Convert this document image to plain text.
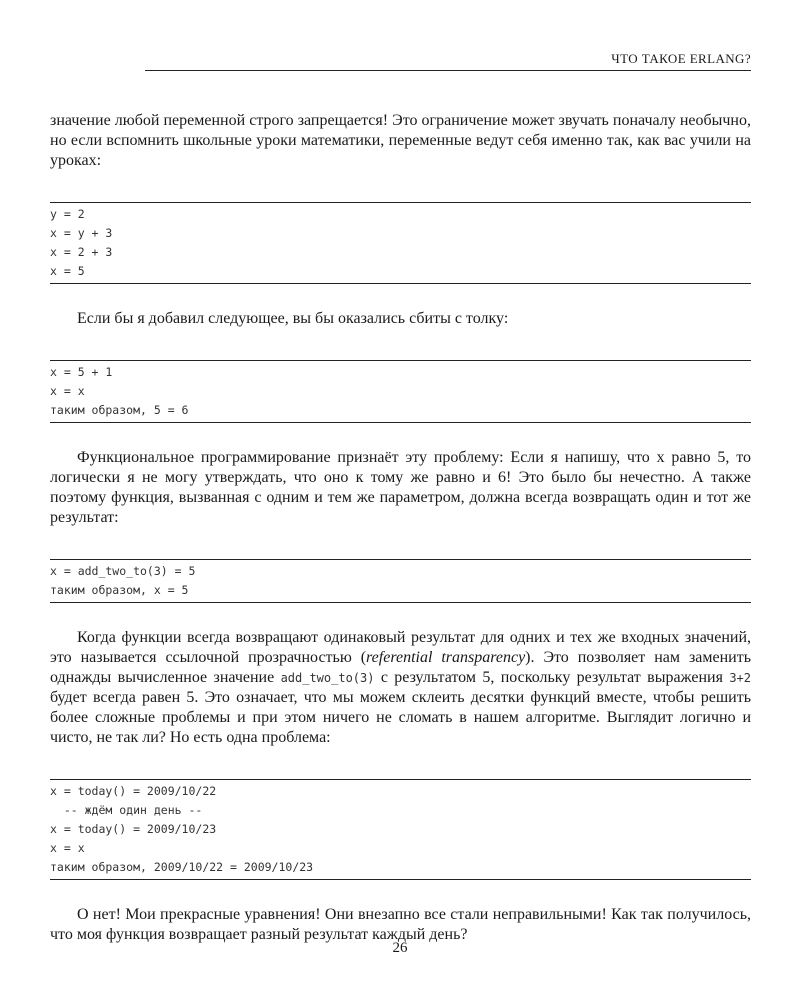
ЧТО ТАКОЕ ERLANG?

значение любой переменной строго запрещается! Это ограничение может звучать поначалу необычно, но если вспомнить школьные уроки математики, переменные ведут себя именно так, как вас учили на уроках:

y = 2
x = y + 3
x = 2 + 3
x = 5

Если бы я добавил следующее, вы бы оказались сбиты с толку:

x = 5 + 1
x = x
таким образом, 5 = 6

Функциональное программирование признаёт эту проблему: Если я напишу, что x равно 5, то логически я не могу утверждать, что оно к тому же равно и 6! Это было бы нечестно. А также поэтому функция, вызванная с одним и тем же параметром, должна всегда возвращать один и тот же результат:

x = add_two_to(3) = 5
таким образом, x = 5

Когда функции всегда возвращают одинаковый результат для одних и тех же входных значений, это называется ссылочной прозрачностью (referential transparency). Это позволяет нам заменить однажды вычисленное значение add_two_to(3) с результатом 5, поскольку результат выражения 3+2 будет всегда равен 5. Это означает, что мы можем склеить десятки функций вместе, чтобы решить более сложные проблемы и при этом ничего не сломать в нашем алгоритме. Выглядит логично и чисто, не так ли? Но есть одна проблема:

x = today() = 2009/10/22
-- ждём один день --
x = today() = 2009/10/23
x = x
таким образом, 2009/10/22 = 2009/10/23

О нет! Мои прекрасные уравнения! Они внезапно все стали неправильными! Как так получилось, что моя функция возвращает разный результат каждый день?

26
